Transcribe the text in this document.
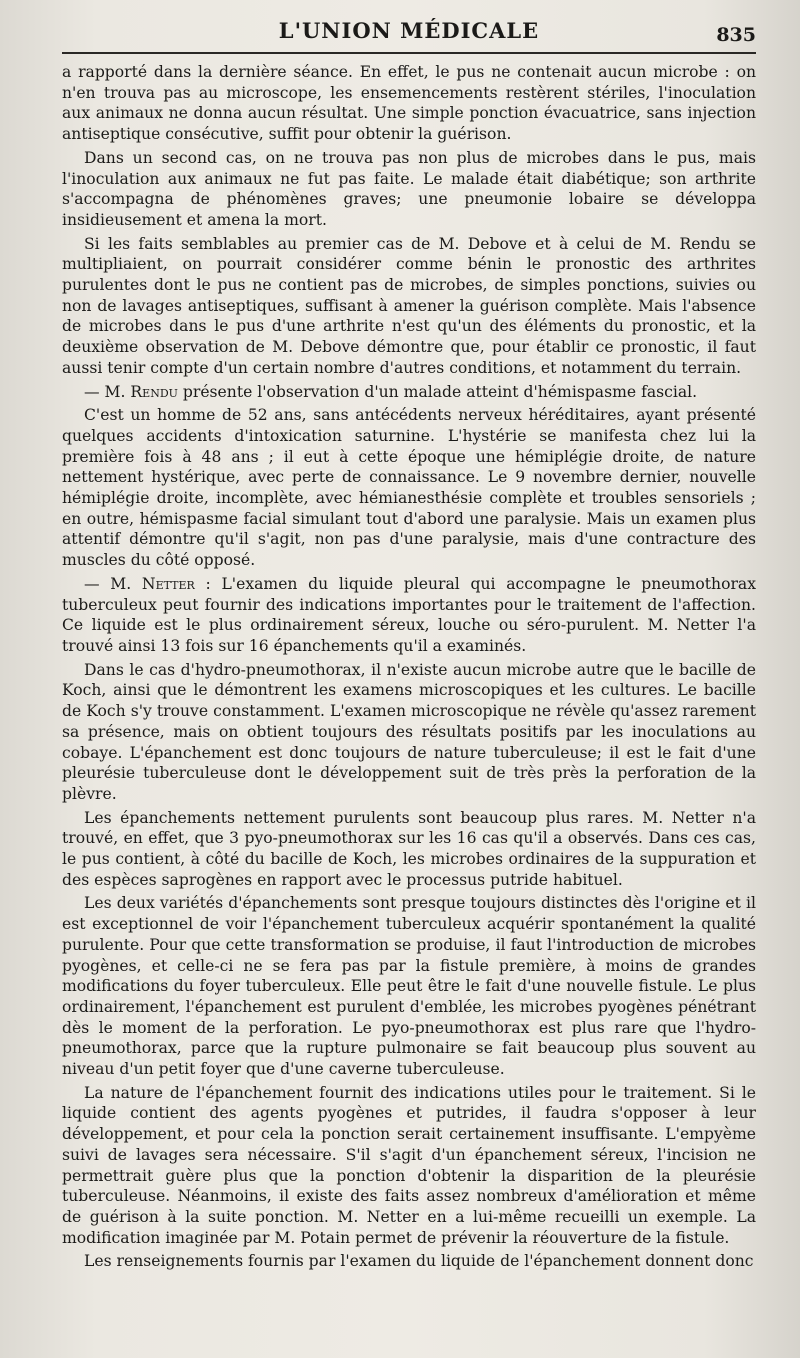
L'UNION MÉDICALE	835

a rapporté dans la dernière séance. En effet, le pus ne contenait aucun microbe : on n'en trouva pas au microscope, les ensemencements restèrent stériles, l'inoculation aux animaux ne donna aucun résultat. Une simple ponction évacuatrice, sans injection antiseptique consécutive, suffit pour obtenir la guérison.

Dans un second cas, on ne trouva pas non plus de microbes dans le pus, mais l'inoculation aux animaux ne fut pas faite. Le malade était diabétique; son arthrite s'accompagna de phénomènes graves; une pneumonie lobaire se développa insidieusement et amena la mort.

Si les faits semblables au premier cas de M. Debove et à celui de M. Rendu se multipliaient, on pourrait considérer comme bénin le pronostic des arthrites purulentes dont le pus ne contient pas de microbes, de simples ponctions, suivies ou non de lavages antiseptiques, suffisant à amener la guérison complète. Mais l'absence de microbes dans le pus d'une arthrite n'est qu'un des éléments du pronostic, et la deuxième observation de M. Debove démontre que, pour établir ce pronostic, il faut aussi tenir compte d'un certain nombre d'autres conditions, et notamment du terrain.

— M. Rendu présente l'observation d'un malade atteint d'hémispasme fascial.

C'est un homme de 52 ans, sans antécédents nerveux héréditaires, ayant présenté quelques accidents d'intoxication saturnine. L'hystérie se manifesta chez lui la première fois à 48 ans ; il eut à cette époque une hémiplégie droite, de nature nettement hystérique, avec perte de connaissance. Le 9 novembre dernier, nouvelle hémiplégie droite, incomplète, avec hémianesthésie complète et troubles sensoriels ; en outre, hémispasme facial simulant tout d'abord une paralysie. Mais un examen plus attentif démontre qu'il s'agit, non pas d'une paralysie, mais d'une contracture des muscles du côté opposé.

— M. Netter : L'examen du liquide pleural qui accompagne le pneumothorax tuberculeux peut fournir des indications importantes pour le traitement de l'affection. Ce liquide est le plus ordinairement séreux, louche ou séro-purulent. M. Netter l'a trouvé ainsi 13 fois sur 16 épanchements qu'il a examinés.

Dans le cas d'hydro-pneumothorax, il n'existe aucun microbe autre que le bacille de Koch, ainsi que le démontrent les examens microscopiques et les cultures. Le bacille de Koch s'y trouve constamment. L'examen microscopique ne révèle qu'assez rarement sa présence, mais on obtient toujours des résultats positifs par les inoculations au cobaye. L'épanchement est donc toujours de nature tuberculeuse; il est le fait d'une pleurésie tuberculeuse dont le développement suit de très près la perforation de la plèvre.

Les épanchements nettement purulents sont beaucoup plus rares. M. Netter n'a trouvé, en effet, que 3 pyo-pneumothorax sur les 16 cas qu'il a observés. Dans ces cas, le pus contient, à côté du bacille de Koch, les microbes ordinaires de la suppuration et des espèces saprogènes en rapport avec le processus putride habituel.

Les deux variétés d'épanchements sont presque toujours distinctes dès l'origine et il est exceptionnel de voir l'épanchement tuberculeux acquérir spontanément la qualité purulente. Pour que cette transformation se produise, il faut l'introduction de microbes pyogènes, et celle-ci ne se fera pas par la fistule première, à moins de grandes modifications du foyer tuberculeux. Elle peut être le fait d'une nouvelle fistule. Le plus ordinairement, l'épanchement est purulent d'emblée, les microbes pyogènes pénétrant dès le moment de la perforation. Le pyo-pneumothorax est plus rare que l'hydro-pneumothorax, parce que la rupture pulmonaire se fait beaucoup plus souvent au niveau d'un petit foyer que d'une caverne tuberculeuse.

La nature de l'épanchement fournit des indications utiles pour le traitement. Si le liquide contient des agents pyogènes et putrides, il faudra s'opposer à leur développement, et pour cela la ponction serait certainement insuffisante. L'empyème suivi de lavages sera nécessaire. S'il s'agit d'un épanchement séreux, l'incision ne permettrait guère plus que la ponction d'obtenir la disparition de la pleurésie tuberculeuse. Néanmoins, il existe des faits assez nombreux d'amélioration et même de guérison à la suite ponction. M. Netter en a lui-même recueilli un exemple. La modification imaginée par M. Potain permet de prévenir la réouverture de la fistule.

Les renseignements fournis par l'examen du liquide de l'épanchement donnent donc
